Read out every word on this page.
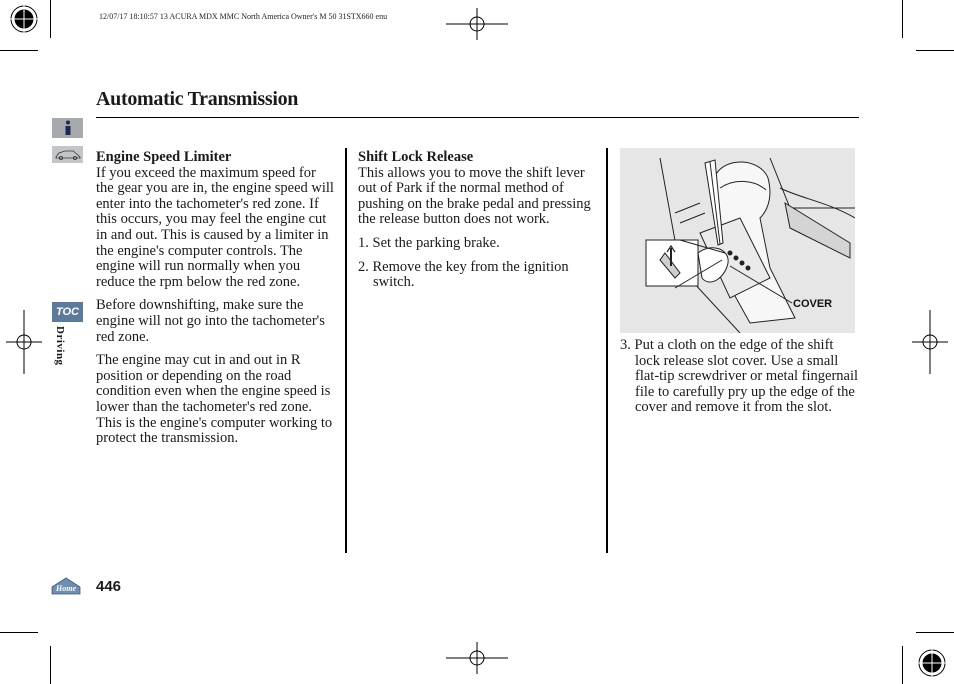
12/07/17 18:10:57 13 ACURA MDX MMC North America Owner's M 50 31STX660 enu
Automatic Transmission
TOC
Driving

Engine Speed Limiter
If you exceed the maximum speed for the gear you are in, the engine speed will enter into the tachometer's red zone. If this occurs, you may feel the engine cut in and out. This is caused by a limiter in the engine's computer controls. The engine will run normally when you reduce the rpm below the red zone.

Before downshifting, make sure the engine will not go into the tachometer's red zone.

The engine may cut in and out in R position or depending on the road condition even when the engine speed is lower than the tachometer's red zone. This is the engine's computer working to protect the transmission.

Shift Lock Release
This allows you to move the shift lever out of Park if the normal method of pushing on the brake pedal and pressing the release button does not work.

1. Set the parking brake.

2. Remove the key from the ignition switch.

COVER

3. Put a cloth on the edge of the shift lock release slot cover. Use a small flat-tip screwdriver or metal fingernail file to carefully pry up the edge of the cover and remove it from the slot.

Home 446
